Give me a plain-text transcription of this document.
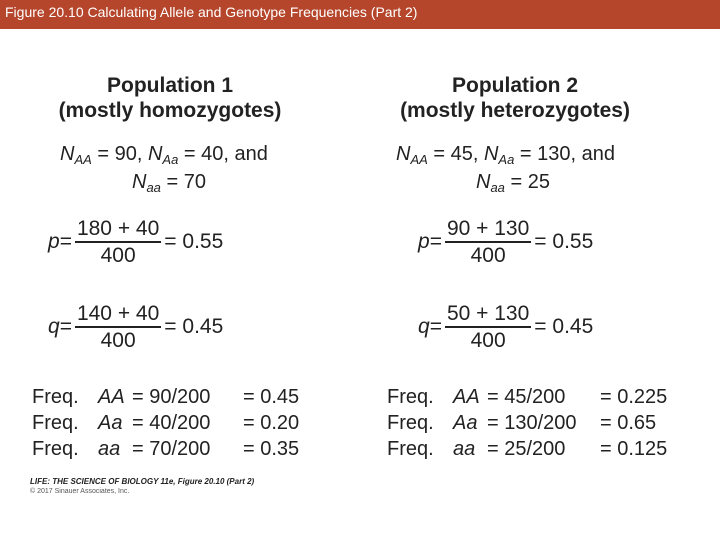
Figure 20.10 Calculating Allele and Genotype Frequencies (Part 2)
Population 1
(mostly homozygotes)
$N_{AA} = 90$, $N_{Aa} = 40$, and
$N_{aa} = 70$
$p = \frac{180 + 40}{400} = 0.55$
$q = \frac{140 + 40}{400} = 0.45$
Freq. AA = 90/200	= 0.45
Freq. Aa = 40/200	= 0.20
Freq. aa = 70/200	= 0.35
Population 2
(mostly heterozygotes)
$N_{AA} = 45$, $N_{Aa} = 130$, and
$N_{aa} = 25$
$p = \frac{90 + 130}{400} = 0.55$
$q = \frac{50 + 130}{400} = 0.45$
Freq. AA = 45/200	= 0.225
Freq. Aa = 130/200	= 0.65
Freq. aa = 25/200	= 0.125
LIFE: THE SCIENCE OF BIOLOGY 11e, Figure 20.10 (Part 2)
© 2017 Sinauer Associates, Inc.
